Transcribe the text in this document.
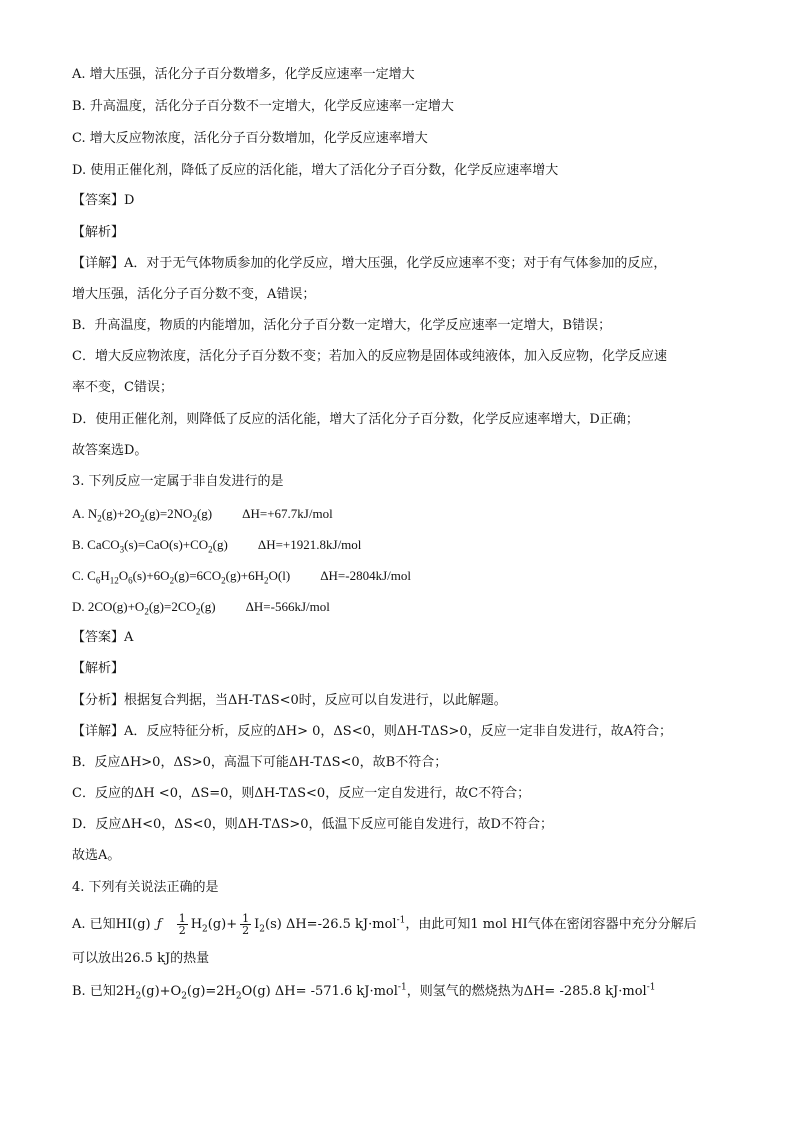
A. 增大压强，活化分子百分数增多，化学反应速率一定增大
B. 升高温度，活化分子百分数不一定增大，化学反应速率一定增大
C. 增大反应物浓度，活化分子百分数增加，化学反应速率增大
D. 使用正催化剂，降低了反应的活化能，增大了活化分子百分数，化学反应速率增大
【答案】D
【解析】
【详解】A．对于无气体物质参加的化学反应，增大压强，化学反应速率不变；对于有气体参加的反应，
增大压强，活化分子百分数不变，A错误；
B．升高温度，物质的内能增加，活化分子百分数一定增大，化学反应速率一定增大，B错误；
C．增大反应物浓度，活化分子百分数不变；若加入的反应物是固体或纯液体，加入反应物，化学反应速
率不变，C错误；
D．使用正催化剂，则降低了反应的活化能，增大了活化分子百分数，化学反应速率增大，D正确；
故答案选D。
3. 下列反应一定属于非自发进行的是
A. $N_2(g)+2O_2(g)=2NO_2(g)$ ΔH=+67.7kJ/mol
B. $CaCO_3(s)=CaO(s)+CO_2(g)$ ΔH=+1921.8kJ/mol
C. $C_6H_{12}O_6(s)+6O_2(g)=6CO_2(g)+6H_2O(l)$ ΔH=-2804kJ/mol
D. $2CO(g)+O_2(g)=2CO_2(g)$ ΔH=-566kJ/mol
【答案】A
【解析】
【分析】根据复合判据，当ΔH-TΔS<0时，反应可以自发进行，以此解题。
【详解】A．反应特征分析，反应的ΔH> 0，ΔS<0，则ΔH-TΔS>0，反应一定非自发进行，故A符合；
B．反应ΔH>0，ΔS>0，高温下可能ΔH-TΔS<0，故B不符合；
C．反应的ΔH <0，ΔS=0，则ΔH-TΔS<0，反应一定自发进行，故C不符合；
D．反应ΔH<0，ΔS<0，则ΔH-TΔS>0，低温下反应可能自发进行，故D不符合；
故选A。
4. 下列有关说法正确的是
A. 已知HI(g) ƒ $\frac{1}{2} H_2(g)+ \frac{1}{2} I_2(s)$ ΔH=-26.5 kJ·mol$^{-1}$，由此可知1 mol HI气体在密闭容器中充分分解后
可以放出26.5 kJ的热量
B. 已知$2H_2(g)+O_2(g)=2H_2O(g)$ ΔH= -571.6 kJ·mol$^{-1}$，则氢气的燃烧热为ΔH= -285.8 kJ·mol$^{-1}$
